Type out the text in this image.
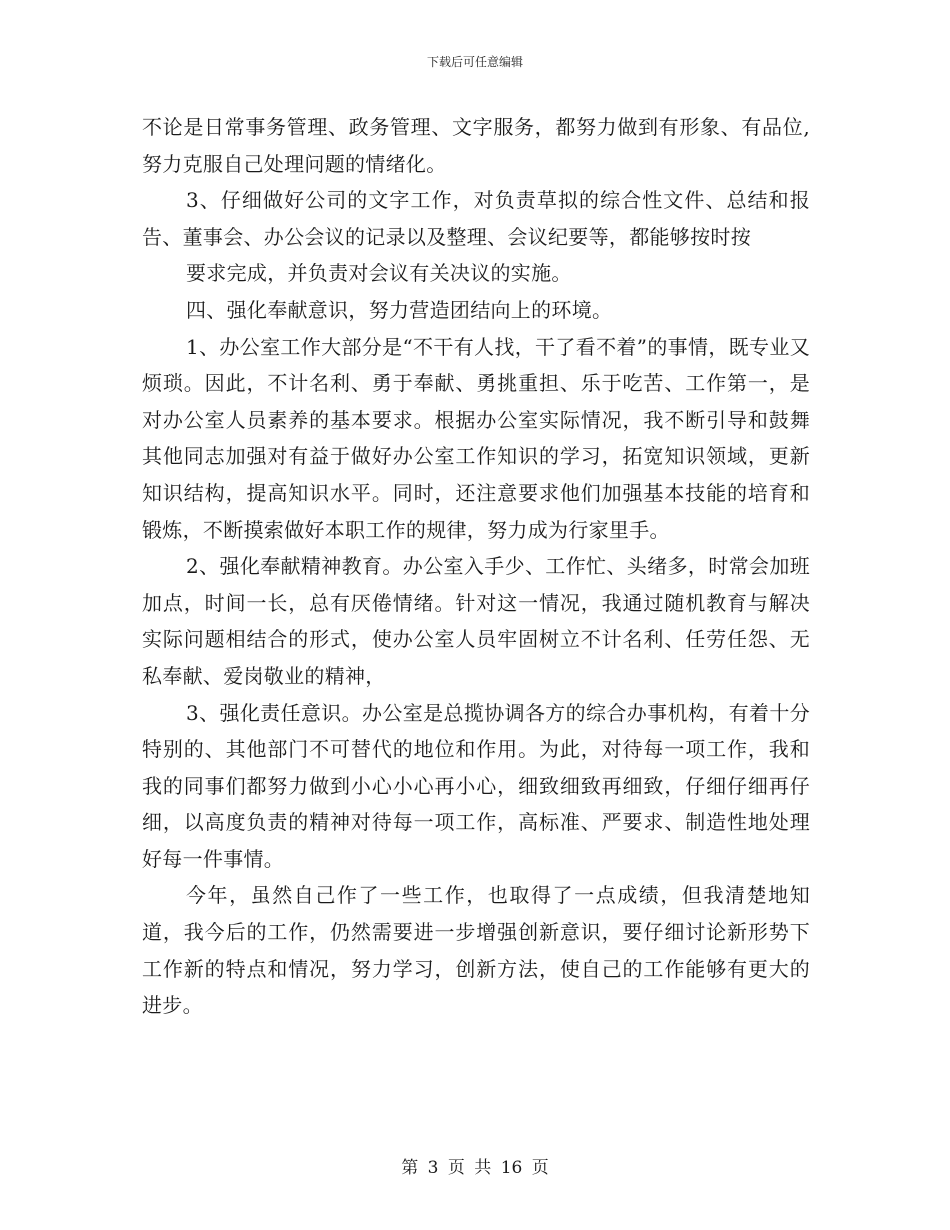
下载后可任意编辑

不论是日常事务管理、政务管理、文字服务，都努力做到有形象、有品位,努力克服自己处理问题的情绪化。

3、仔细做好公司的文字工作，对负责草拟的综合性文件、总结和报告、董事会、办公会议的记录以及整理、会议纪要等，都能够按时按

要求完成，并负责对会议有关决议的实施。

四、强化奉献意识，努力营造团结向上的环境。

1、办公室工作大部分是“不干有人找，干了看不着”的事情，既专业又烦琐。因此，不计名利、勇于奉献、勇挑重担、乐于吃苦、工作第一，是对办公室人员素养的基本要求。根据办公室实际情况，我不断引导和鼓舞其他同志加强对有益于做好办公室工作知识的学习，拓宽知识领域，更新知识结构，提高知识水平。同时，还注意要求他们加强基本技能的培育和锻炼，不断摸索做好本职工作的规律，努力成为行家里手。

2、强化奉献精神教育。办公室入手少、工作忙、头绪多，时常会加班加点，时间一长，总有厌倦情绪。针对这一情况，我通过随机教育与解决实际问题相结合的形式，使办公室人员牢固树立不计名利、任劳任怨、无私奉献、爱岗敬业的精神，

3、强化责任意识。办公室是总揽协调各方的综合办事机构，有着十分特别的、其他部门不可替代的地位和作用。为此，对待每一项工作，我和我的同事们都努力做到小心小心再小心，细致细致再细致，仔细仔细再仔细，以高度负责的精神对待每一项工作，高标准、严要求、制造性地处理好每一件事情。

今年，虽然自己作了一些工作，也取得了一点成绩，但我清楚地知道，我今后的工作，仍然需要进一步增强创新意识，要仔细讨论新形势下工作新的特点和情况，努力学习，创新方法，使自己的工作能够有更大的进步。

第 3 页 共 16 页
